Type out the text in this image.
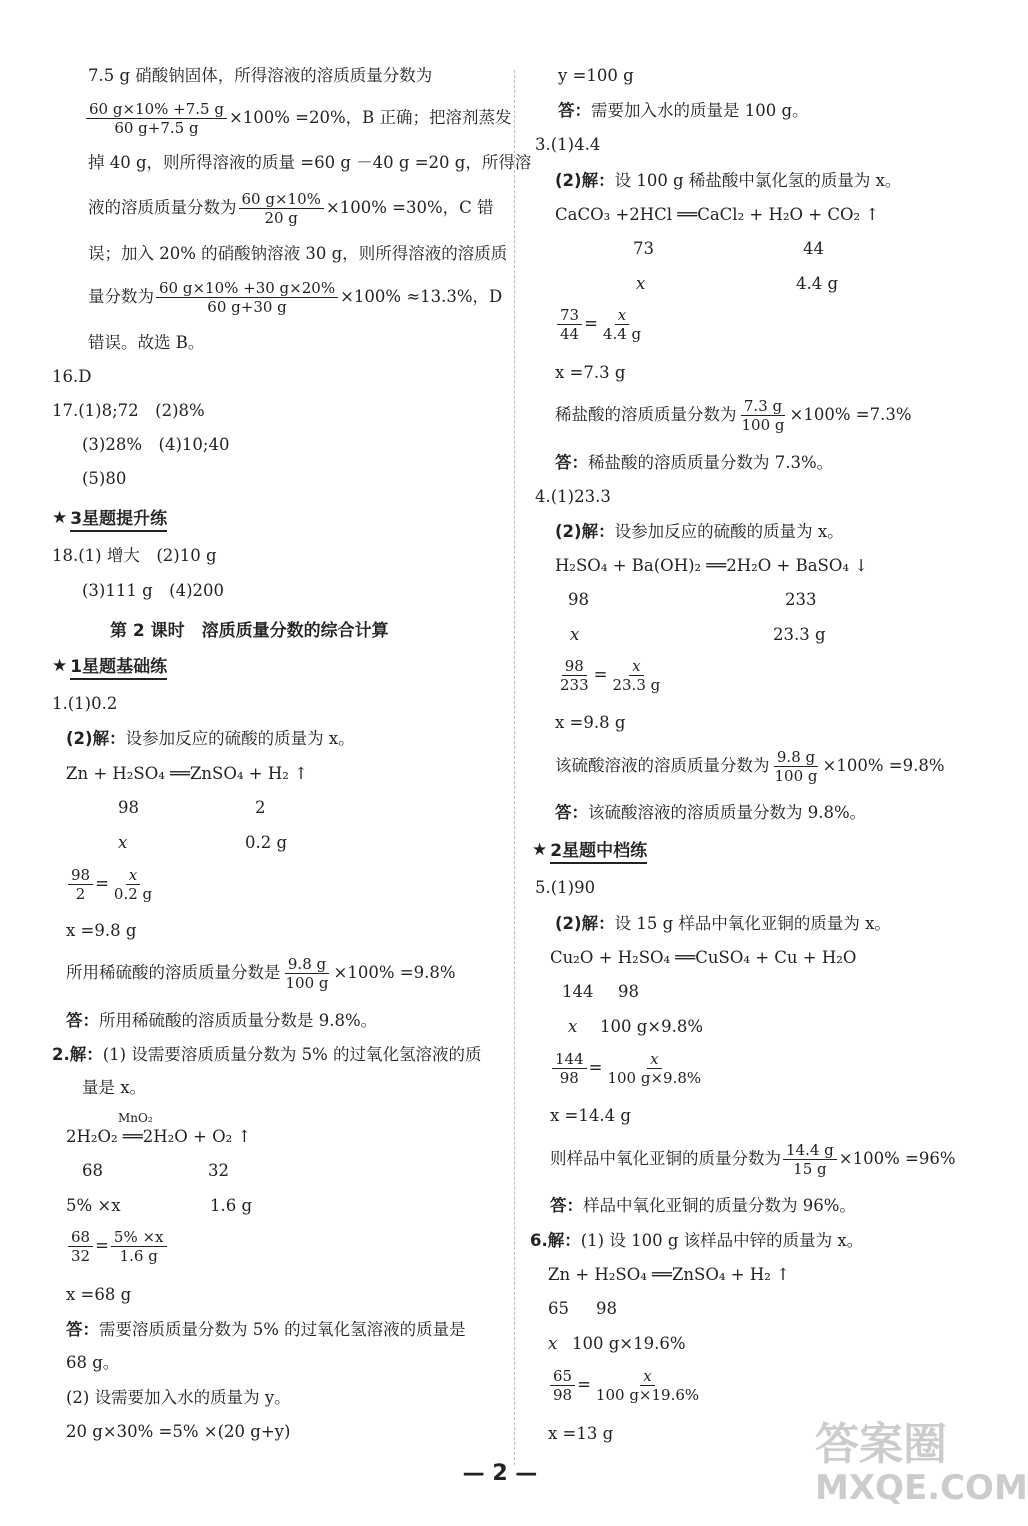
7.5 g 硝酸钠固体，所得溶液的溶质质量分数为
$\frac{60 g\times 10\% +7.5 g}{60 g+7.5 g} \times 100\% =20\%$，B 正确；把溶剂蒸发
掉 40 g，则所得溶液的质量 =60 g －40 g =20 g，所得溶
液的溶质质量分数为 $\frac{60 g\times 10\%}{20 g} \times 100\% =30\%$，C 错
误；加入 20% 的硝酸钠溶液 30 g，则所得溶液的溶质质
量分数为 $\frac{60 g\times 10\% +30 g\times 20\%}{60 g+30 g} \times 100\% \approx 13.3\%$，D
错误。故选 B。
16.D
17.(1)8;72　(2)8%
(3)28%　(4)10;40
(5)80
★ 3星题提升练
18.(1) 增大　(2)10 g
(3)111 g　(4)200
第 2 课时　溶质质量分数的综合计算
★ 1星题基础练
1.(1)0.2
(2)解：设参加反应的硫酸的质量为 x。
Zn + H₂SO₄ ══ZnSO₄ + H₂ ↑
98	2
x	0.2 g
$\frac{98}{2} = \frac{x}{0.2 g}$
x =9.8 g
所用稀硫酸的溶质质量分数是 $\frac{9.8 g}{100 g} \times 100\% =9.8\%$
答：所用稀硫酸的溶质质量分数是 9.8%。
2.解：(1) 设需要溶质质量分数为 5% 的过氧化氢溶液的质
量是 x。
MnO₂
2H₂O₂ ══2H₂O + O₂ ↑
68	32
5% ×x	1.6 g
$\frac{68}{32} = \frac{5\% \times x}{1.6 g}$
x =68 g
答：需要溶质质量分数为 5% 的过氧化氢溶液的质量是
68 g。
(2) 设需要加入水的质量为 y。
20 g×30% =5% ×(20 g+y)
y =100 g
答：需要加入水的质量是 100 g。
3.(1)4.4
(2)解：设 100 g 稀盐酸中氯化氢的质量为 x。
CaCO₃ +2HCl ══CaCl₂ + H₂O + CO₂ ↑
73	44
x	4.4 g
$\frac{73}{44} = \frac{x}{4.4 g}$
x =7.3 g
稀盐酸的溶质质量分数为 $\frac{7.3 g}{100 g} \times 100\% =7.3\%$
答：稀盐酸的溶质质量分数为 7.3%。
4.(1)23.3
(2)解：设参加反应的硫酸的质量为 x。
H₂SO₄ + Ba(OH)₂ ══2H₂O + BaSO₄ ↓
98	233
x	23.3 g
$\frac{98}{233} = \frac{x}{23.3 g}$
x =9.8 g
该硫酸溶液的溶质质量分数为 $\frac{9.8 g}{100 g} \times 100\% =9.8\%$
答：该硫酸溶液的溶质质量分数为 9.8%。
★ 2星题中档练
5.(1)90
(2)解：设 15 g 样品中氧化亚铜的质量为 x。
Cu₂O + H₂SO₄ ══CuSO₄ + Cu + H₂O
144 98
x 100 g×9.8%
$\frac{144}{98} = \frac{x}{100 g\times 9.8\%}$
x =14.4 g
则样品中氧化亚铜的质量分数为 $\frac{14.4 g}{15 g} \times 100\% =96\%$
答：样品中氧化亚铜的质量分数为 96%。
6.解：(1) 设 100 g 该样品中锌的质量为 x。
Zn + H₂SO₄ ══ZnSO₄ + H₂ ↑
65 98
x 100 g×19.6%
$\frac{65}{98} = \frac{x}{100 g\times 19.6\%}$
x =13 g
— 2 —
答案圈
MXQE.COM
